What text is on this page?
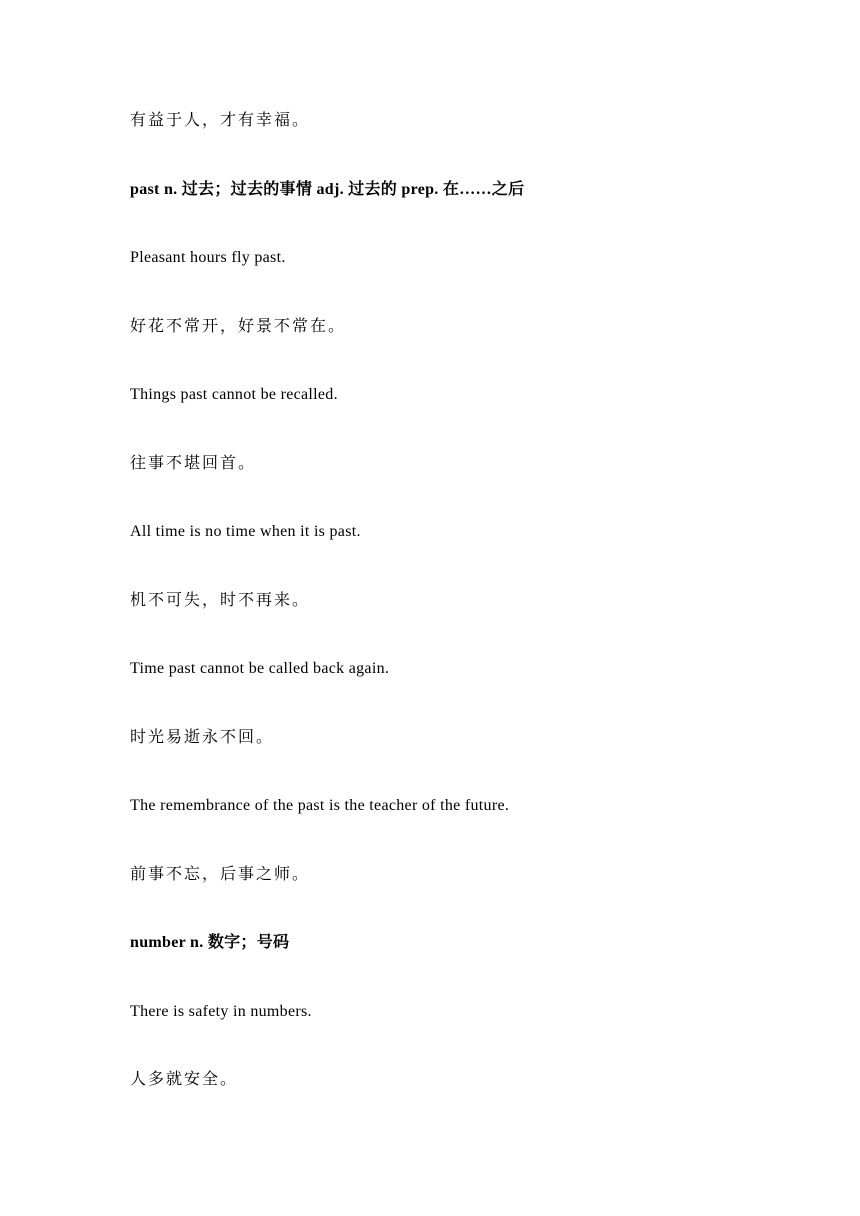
有益于人，才有幸福。

past n. 过去；过去的事情 adj. 过去的 prep. 在……之后

Pleasant hours fly past.

好花不常开，好景不常在。

Things past cannot be recalled.

往事不堪回首。

All time is no time when it is past.

机不可失，时不再来。

Time past cannot be called back again.

时光易逝永不回。

The remembrance of the past is the teacher of the future.

前事不忘，后事之师。

number n. 数字；号码

There is safety in numbers.

人多就安全。
